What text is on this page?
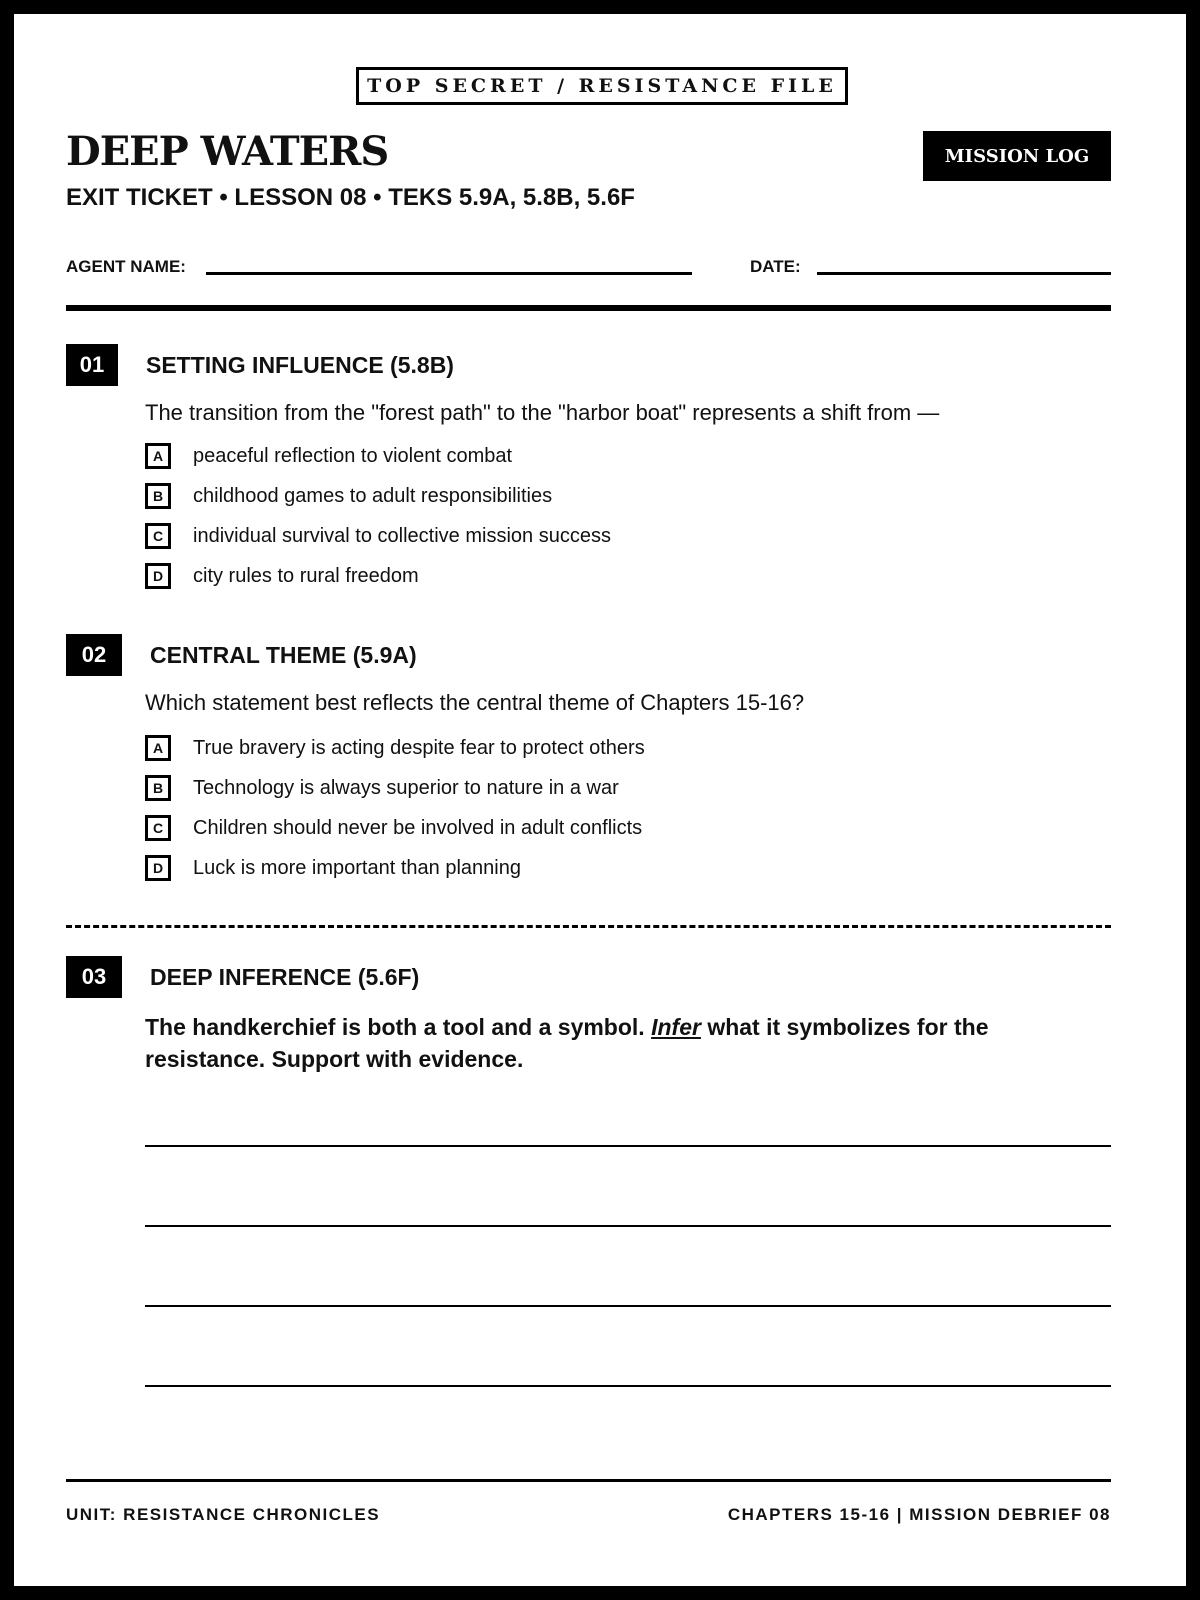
TOP SECRET / RESISTANCE FILE
DEEP WATERS
EXIT TICKET • LESSON 08 • TEKS 5.9A, 5.8B, 5.6F
MISSION LOG
AGENT NAME:	DATE:
01	SETTING INFLUENCE (5.8B)
The transition from the "forest path" to the "harbor boat" represents a shift from —
A	peaceful reflection to violent combat
B	childhood games to adult responsibilities
C	individual survival to collective mission success
D	city rules to rural freedom
02	CENTRAL THEME (5.9A)
Which statement best reflects the central theme of Chapters 15-16?
A	True bravery is acting despite fear to protect others
B	Technology is always superior to nature in a war
C	Children should never be involved in adult conflicts
D	Luck is more important than planning
03	DEEP INFERENCE (5.6F)
The handkerchief is both a tool and a symbol. Infer what it symbolizes for the resistance. Support with evidence.
UNIT: RESISTANCE CHRONICLES	CHAPTERS 15-16 | MISSION DEBRIEF 08
